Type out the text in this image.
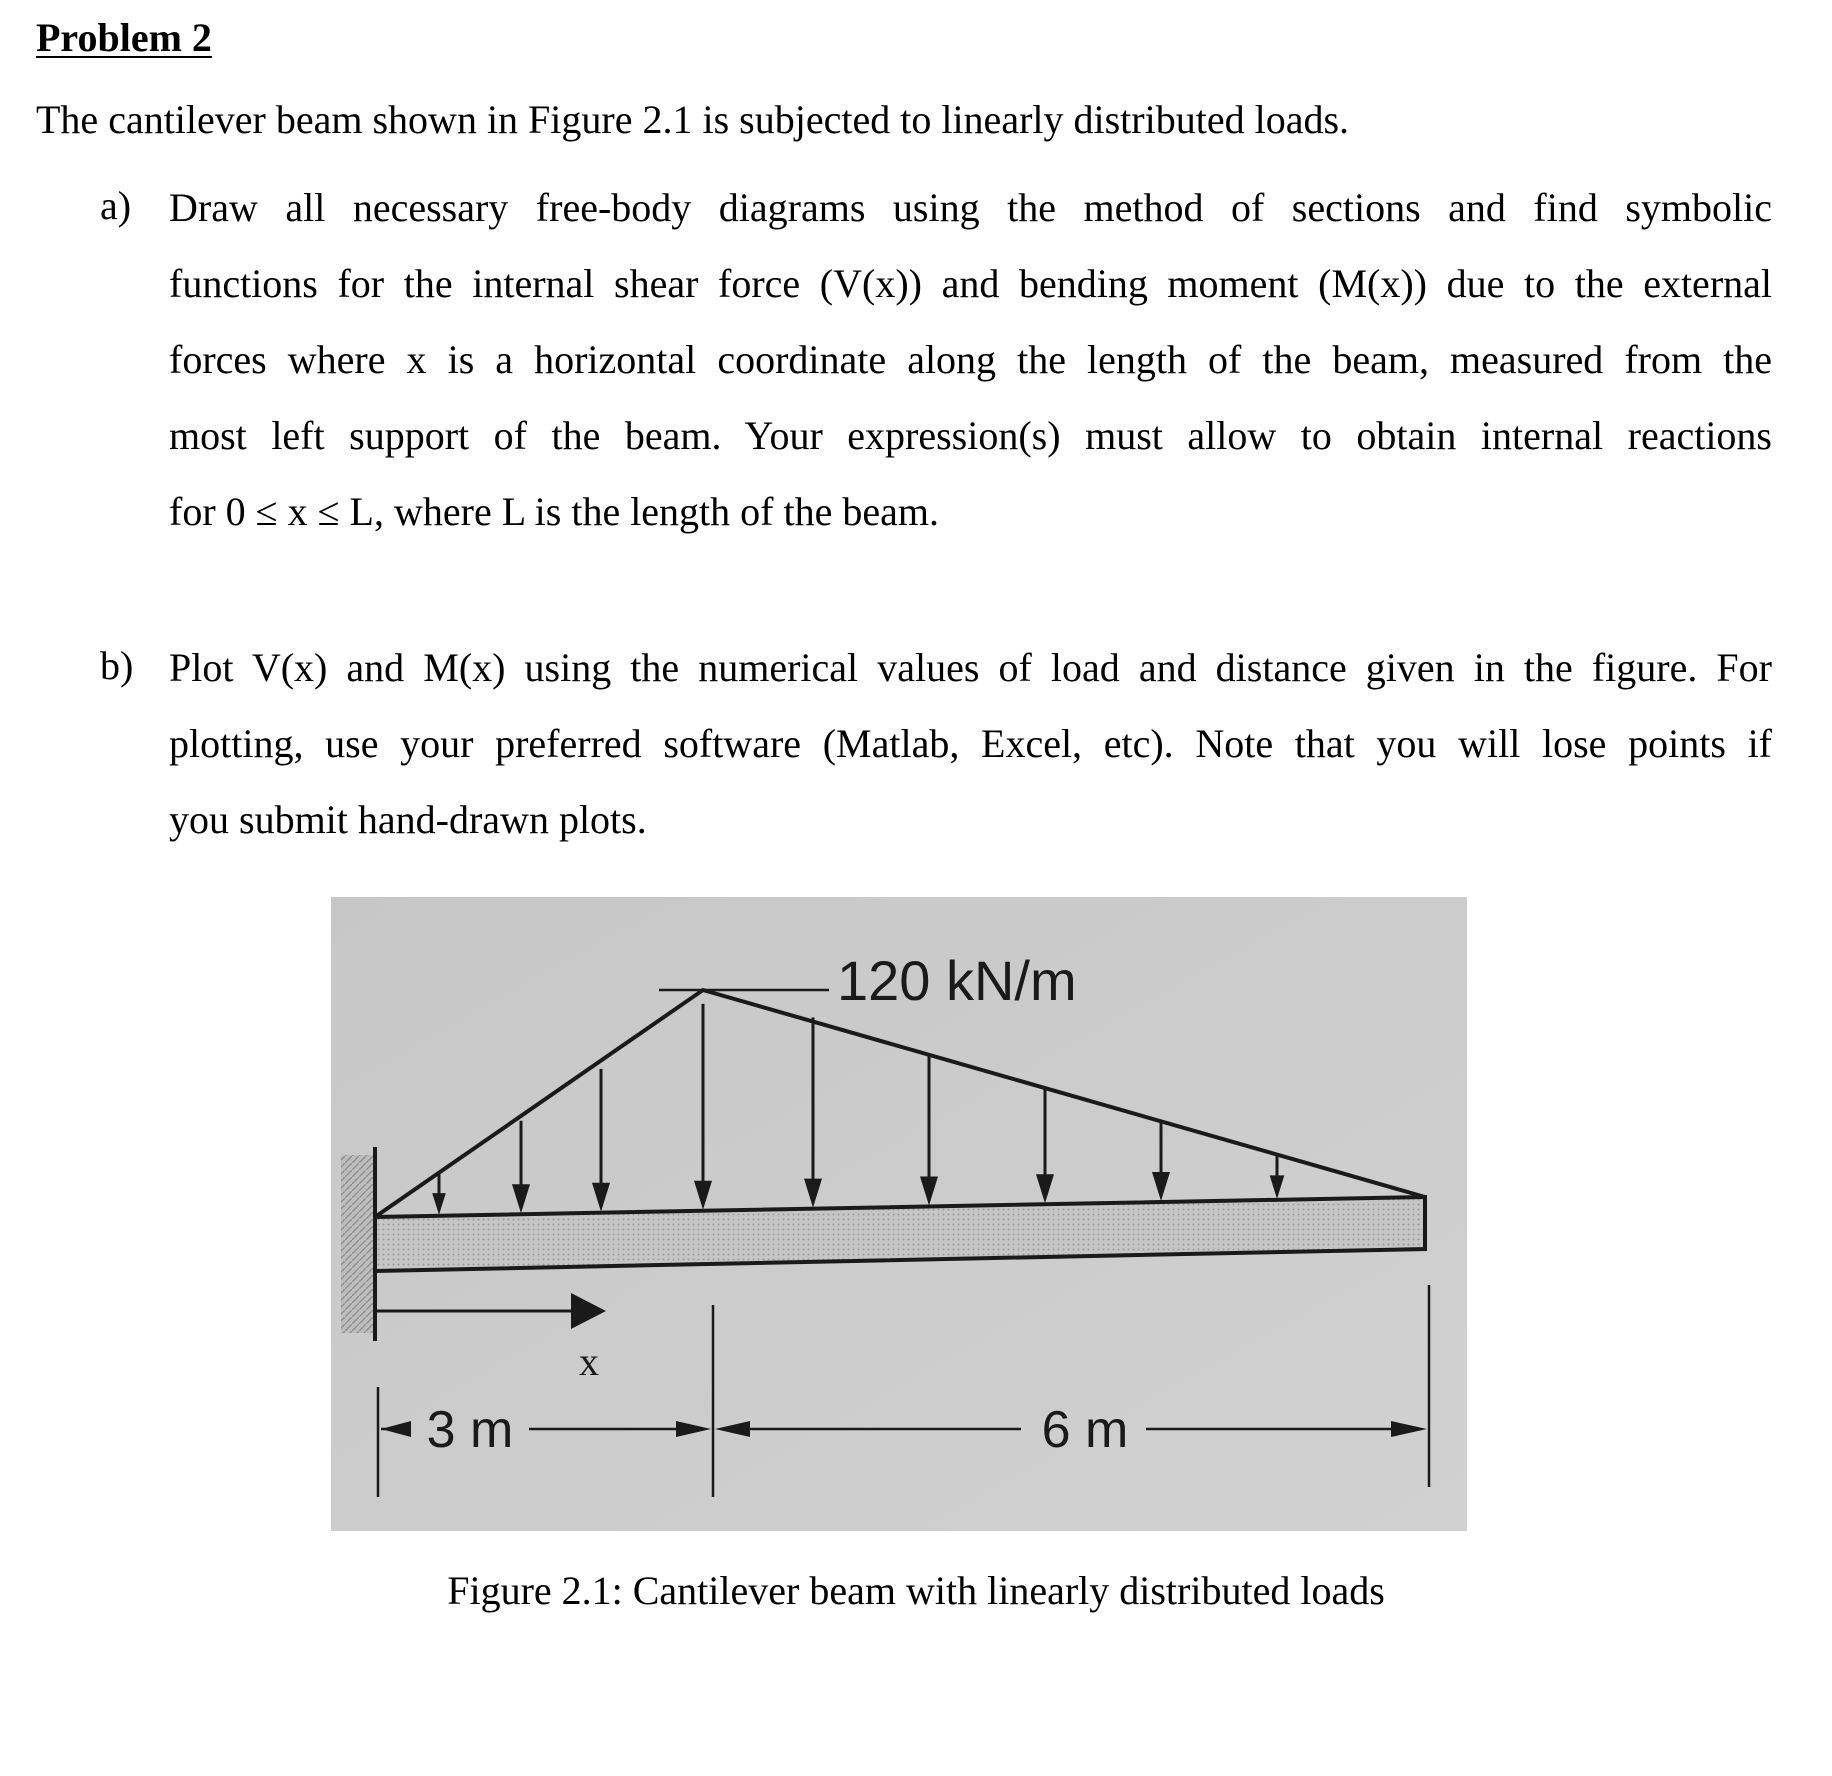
Problem 2
The cantilever beam shown in Figure 2.1 is subjected to linearly distributed loads.
a) Draw all necessary free-body diagrams using the method of sections and find symbolic
functions for the internal shear force (V(x)) and bending moment (M(x)) due to the external
forces where x is a horizontal coordinate along the length of the beam, measured from the
most left support of the beam. Your expression(s) must allow to obtain internal reactions
for 0 ≤ x ≤ L, where L is the length of the beam.
b) Plot V(x) and M(x) using the numerical values of load and distance given in the figure. For
plotting, use your preferred software (Matlab, Excel, etc). Note that you will lose points if
you submit hand-drawn plots.
120 kN/m
x
3 m	6 m
Figure 2.1: Cantilever beam with linearly distributed loads
